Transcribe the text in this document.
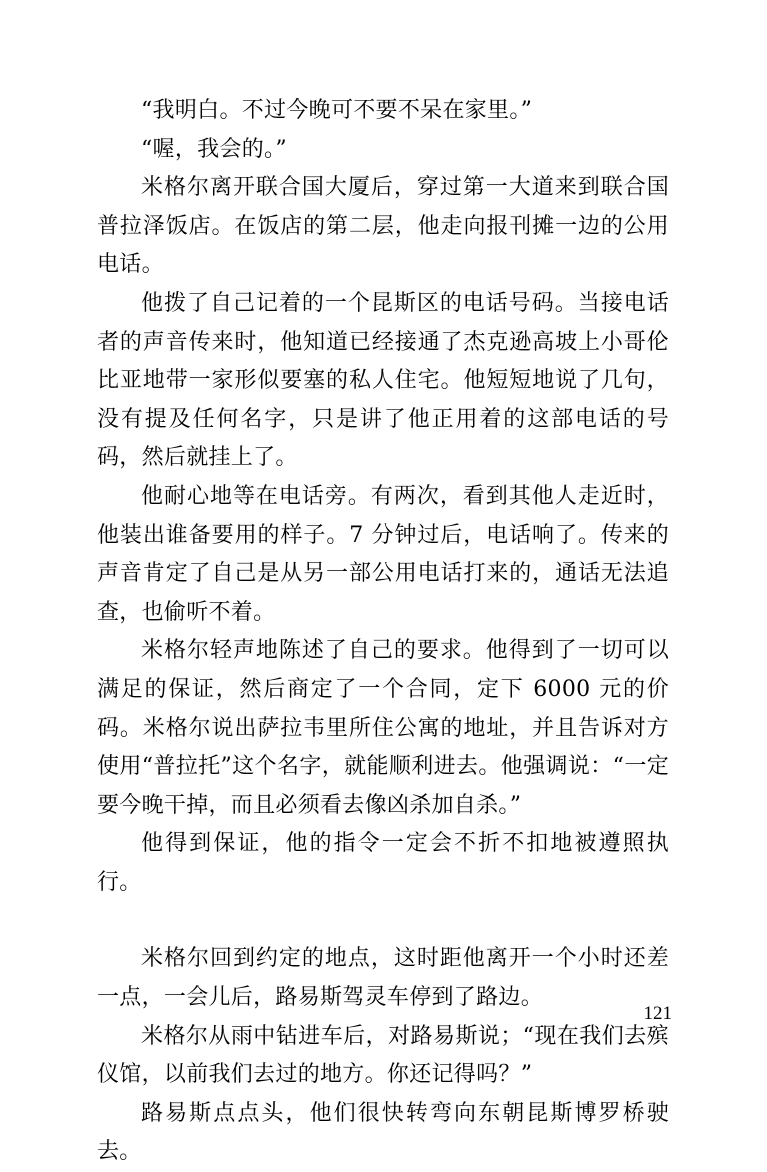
“我明白。不过今晚可不要不呆在家里。”

“喔，我会的。”

米格尔离开联合国大厦后，穿过第一大道来到联合国普拉泽饭店。在饭店的第二层，他走向报刊摊一边的公用电话。

他拨了自己记着的一个昆斯区的电话号码。当接电话者的声音传来时，他知道已经接通了杰克逊高坡上小哥伦比亚地带一家形似要塞的私人住宅。他短短地说了几句，没有提及任何名字，只是讲了他正用着的这部电话的号码，然后就挂上了。

他耐心地等在电话旁。有两次，看到其他人走近时，他装出谁备要用的样子。7 分钟过后，电话响了。传来的声音肯定了自己是从另一部公用电话打来的，通话无法追查，也偷听不着。

米格尔轻声地陈述了自己的要求。他得到了一切可以满足的保证，然后商定了一个合同，定下 6000 元的价码。米格尔说出萨拉韦里所住公寓的地址，并且告诉对方使用“普拉托”这个名字，就能顺利进去。他强调说：“一定要今晚干掉，而且必须看去像凶杀加自杀。”

他得到保证，他的指令一定会不折不扣地被遵照执行。

米格尔回到约定的地点，这时距他离开一个小时还差一点，一会儿后，路易斯驾灵车停到了路边。

米格尔从雨中钻进车后，对路易斯说；“现在我们去殡仪馆，以前我们去过的地方。你还记得吗？”

路易斯点点头，他们很快转弯向东朝昆斯博罗桥驶去。

121
